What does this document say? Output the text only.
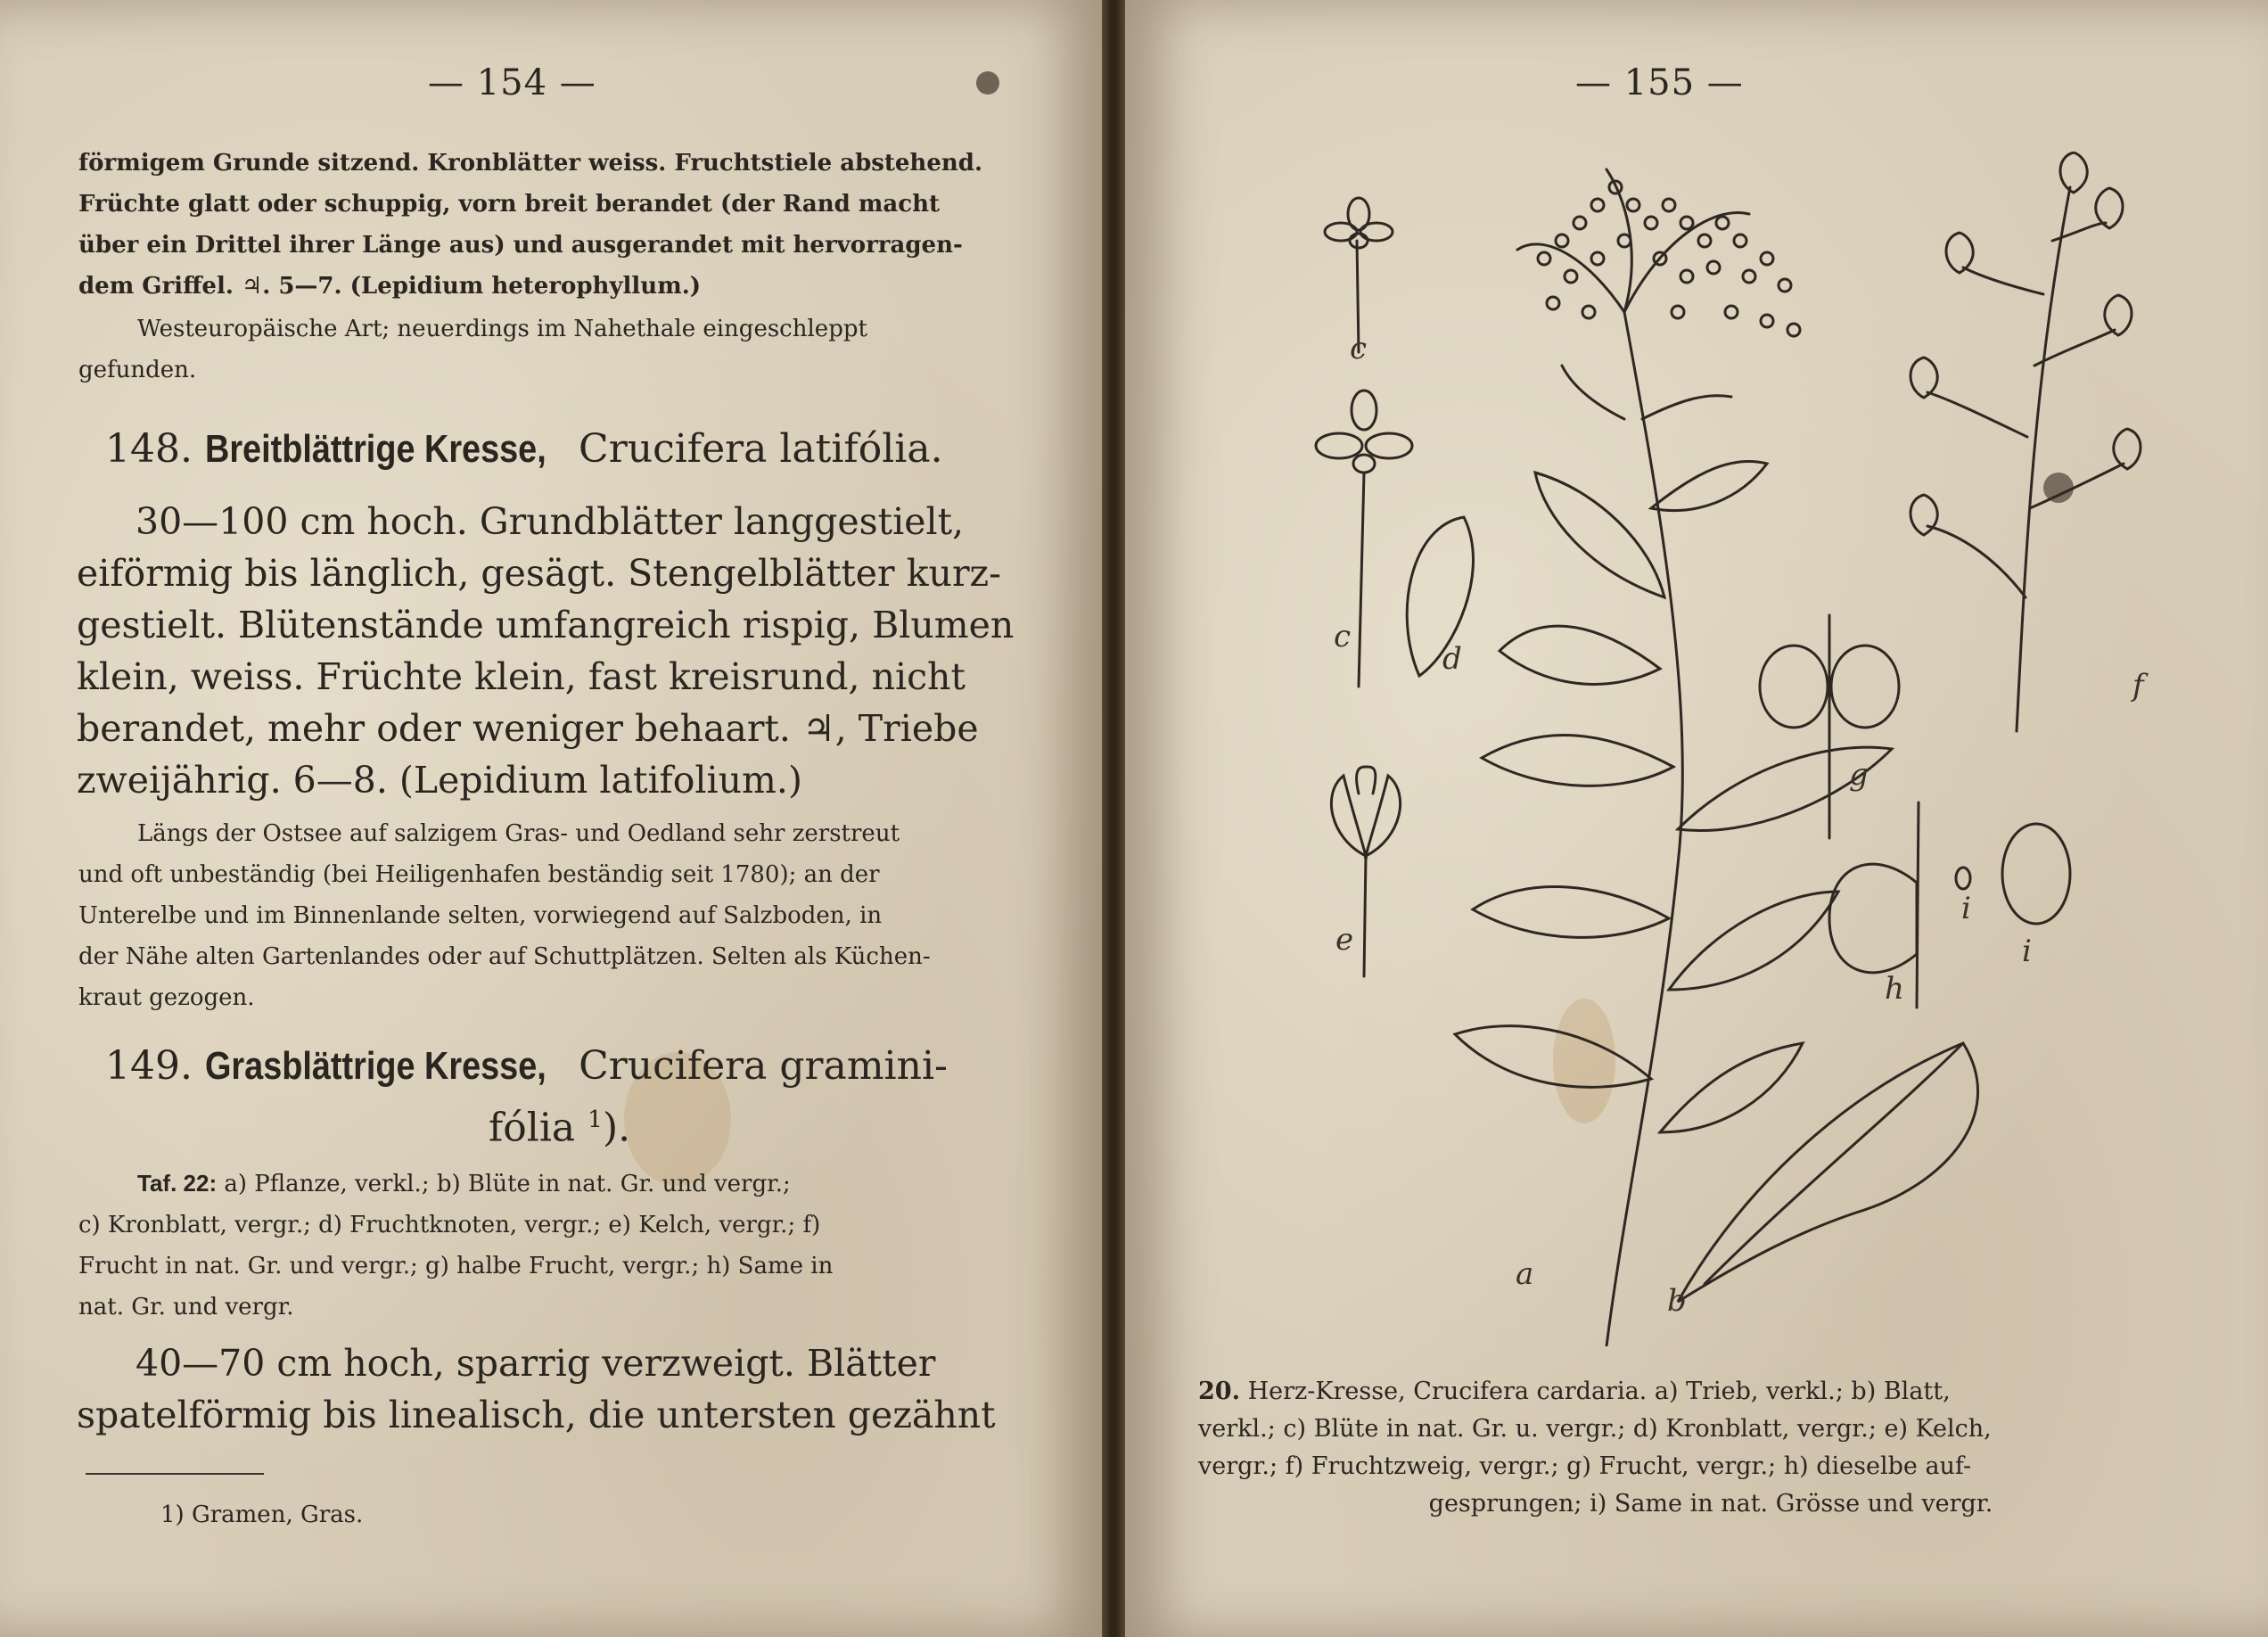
— 154 —
förmigem Grunde sitzend. Kronblätter weiss. Fruchtstiele abstehend.
Früchte glatt oder schuppig, vorn breit berandet (der Rand macht
über ein Drittel ihrer Länge aus) und ausgerandet mit hervorragen-
dem Griffel. ♃. 5—7. (Lepidium heterophyllum.)
Westeuropäische Art; neuerdings im Nahethale eingeschleppt
gefunden.
148. Breitblättrige Kresse, Crucifera latifólia.
30—100 cm hoch. Grundblätter langgestielt,
eiförmig bis länglich, gesägt. Stengelblätter kurz-
gestielt. Blütenstände umfangreich rispig, Blumen
klein, weiss. Früchte klein, fast kreisrund, nicht
berandet, mehr oder weniger behaart. ♃, Triebe
zweijährig. 6—8. (Lepidium latifolium.)
Längs der Ostsee auf salzigem Gras- und Oedland sehr zerstreut
und oft unbeständig (bei Heiligenhafen beständig seit 1780); an der
Unterelbe und im Binnenlande selten, vorwiegend auf Salzboden, in
der Nähe alten Gartenlandes oder auf Schuttplätzen. Selten als Küchen-
kraut gezogen.
149. Grasblättrige Kresse, Crucifera gramini-
fólia $^1$).
Taf. 22: a) Pflanze, verkl.; b) Blüte in nat. Gr. und vergr.;
c) Kronblatt, vergr.; d) Fruchtknoten, vergr.; e) Kelch, vergr.; f)
Frucht in nat. Gr. und vergr.; g) halbe Frucht, vergr.; h) Same in
nat. Gr. und vergr.
40—70 cm hoch, sparrig verzweigt. Blätter
spatelförmig bis linealisch, die untersten gezähnt
1) Gramen, Gras.
— 155 —
c
c
d
e
f
g
h
i
i
a
b
20. Herz-Kresse, Crucifera cardaria. a) Trieb, verkl.; b) Blatt,
verkl.; c) Blüte in nat. Gr. u. vergr.; d) Kronblatt, vergr.; e) Kelch,
vergr.; f) Fruchtzweig, vergr.; g) Frucht, vergr.; h) dieselbe auf-
gesprungen; i) Same in nat. Grösse und vergr.
